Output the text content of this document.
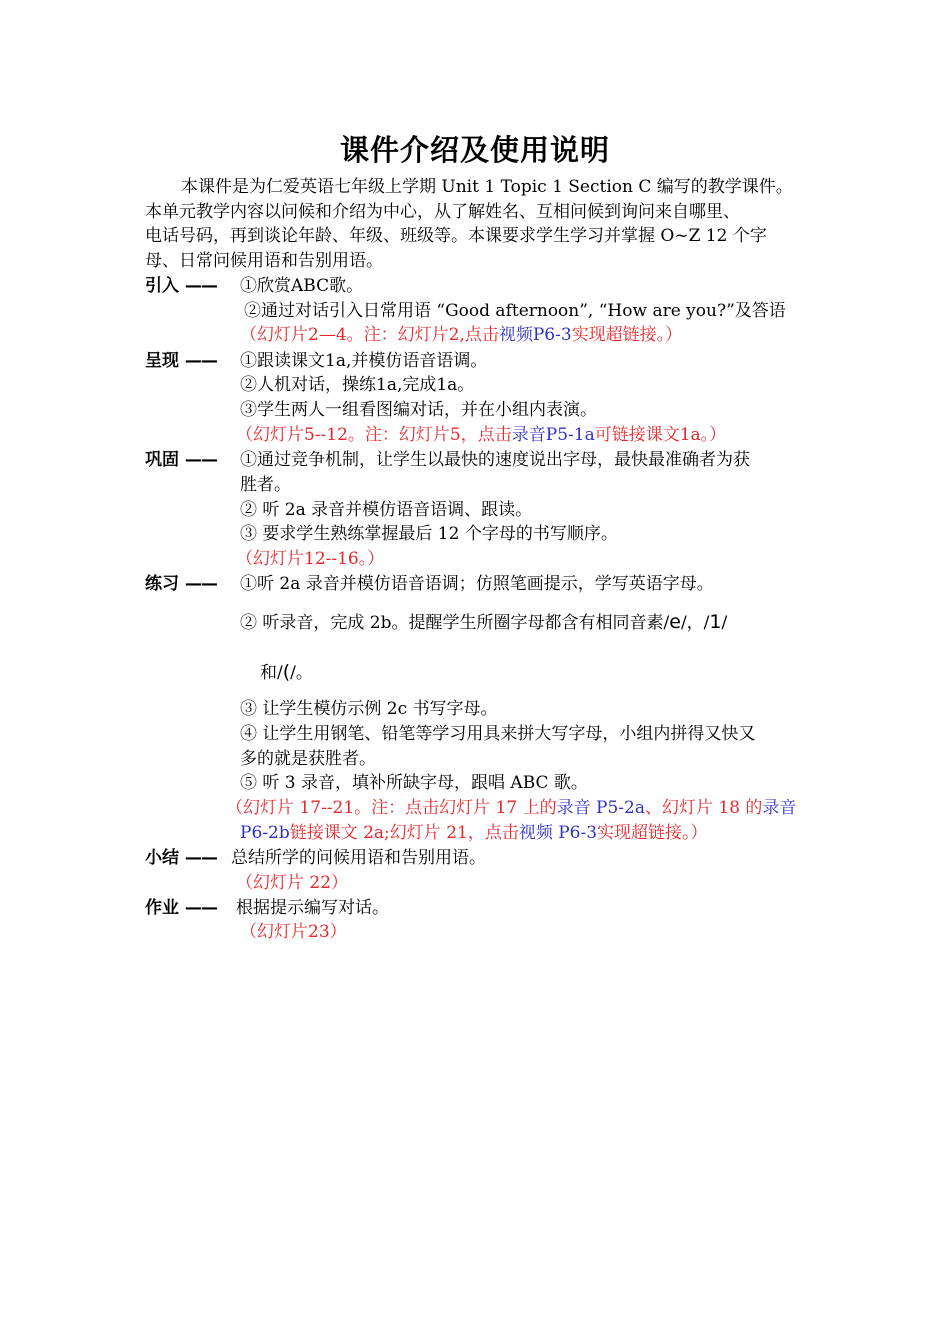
课件介绍及使用说明
本课件是为仁爱英语七年级上学期 Unit 1 Topic 1 Section C 编写的教学课件。
本单元教学内容以问候和介绍为中心，从了解姓名、互相问候到询问来自哪里、
电话号码，再到谈论年龄、年级、班级等。本课要求学生学习并掌握 O~Z 12 个字
母、日常问候用语和告别用语。
引入 —— ①欣赏ABC歌。
②通过对话引入日常用语 “Good afternoon”, “How are you?”及答语
（幻灯片2—4。注：幻灯片2,点击视频P6-3实现超链接。）
呈现 —— ①跟读课文1a,并模仿语音语调。
②人机对话，操练1a,完成1a。
③学生两人一组看图编对话，并在小组内表演。
（幻灯片5--12。注：幻灯片5，点击录音P5-1a可链接课文1a。）
巩固 —— ①通过竞争机制，让学生以最快的速度说出字母，最快最准确者为获
胜者。
② 听 2a 录音并模仿语音语调、跟读。
③ 要求学生熟练掌握最后 12 个字母的书写顺序。
（幻灯片12--16。）
练习 —— ①听 2a 录音并模仿语音语调；仿照笔画提示，学写英语字母。
② 听录音，完成 2b。提醒学生所圈字母都含有相同音素/e/，/1/
和/(/。
③ 让学生模仿示例 2c 书写字母。
④ 让学生用钢笔、铅笔等学习用具来拼大写字母，小组内拼得又快又
多的就是获胜者。
⑤ 听 3 录音，填补所缺字母，跟唱 ABC 歌。
（幻灯片 17--21。注：点击幻灯片 17 上的录音 P5-2a、幻灯片 18 的录音
P6-2b链接课文 2a;幻灯片 21，点击视频 P6-3实现超链接。）
小结 —— 总结所学的问候用语和告别用语。
（幻灯片 22）
作业 —— 根据提示编写对话。
（幻灯片23）
